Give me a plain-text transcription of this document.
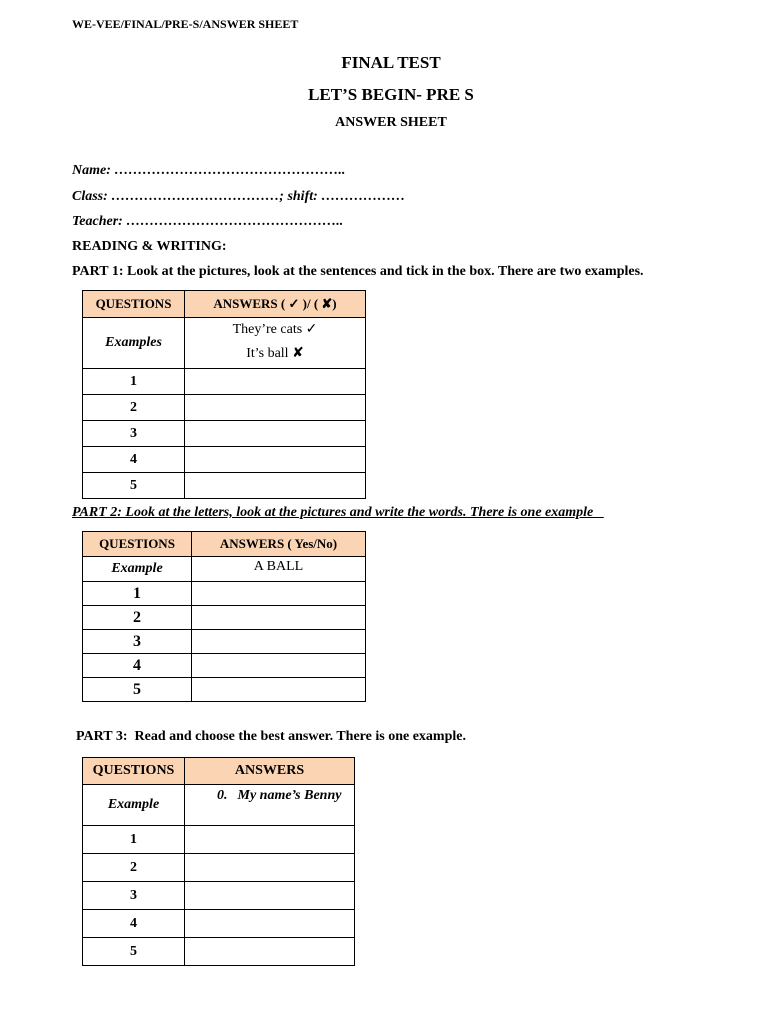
WE-VEE/FINAL/PRE-S/ANSWER SHEET
FINAL TEST
LET’S BEGIN- PRE S
ANSWER SHEET
Name: …………………………………………..
Class: ………………………………; shift: ………………
Teacher: ………………………………………..
READING & WRITING:
PART 1: Look at the pictures, look at the sentences and tick in the box. There are two examples.
QUESTIONS	ANSWERS ( ✓ )/ ( ✘)
Examples	They’re cats ✓
It’s ball ✘

1	
2	
3	
4	
5	
PART 2: Look at the letters, look at the pictures and write the words. There is one example
QUESTIONS	ANSWERS ( Yes/No)
Example	A BALL
1	
2	
3	
4	
5	
PART 3:  Read and choose the best answer. There is one example.
QUESTIONS	ANSWERS
Example	0. My name’s Benny
1	
2	
3	
4	
5	
